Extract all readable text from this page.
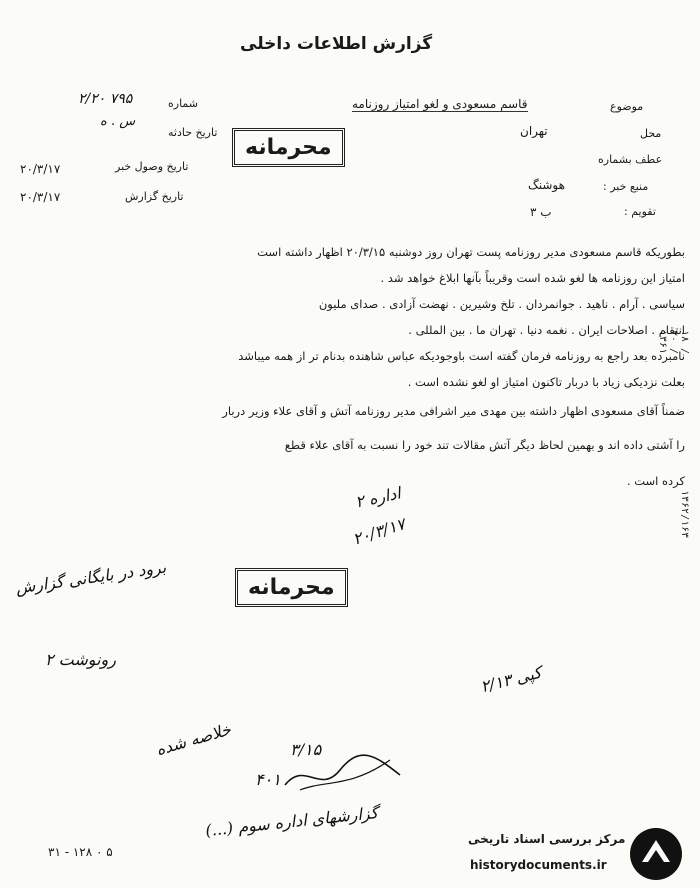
گزارش اطلاعات داخلی
شماره
۲/۲۰ ۷۹۵
س . ه
تاریخ حادثه
تاریخ وصول خبر
۲۰/۳/۱۷
تاریخ گزارش
۲۰/۳/۱۷
محرمانه
موضوع
قاسم مسعودی و لغو امتیاز روزنامه
محل
تهران
عطف بشماره
منبع خبر :
هوشنگ
تقویم :
ب ۳
بطوریکه قاسم مسعودی مدیر روزنامه پست تهران روز دوشنبه ۲۰/۳/۱۵ اظهار داشته است
امتیاز این روزنامه ها لغو شده است وقریباً بآنها ابلاغ خواهد شد .
سیاسی . آرام . ناهید . جوانمردان . تلخ وشیرین . نهضت آزادی . صدای ملیون
انتقام . اصلاحات ایران . نغمه دنیا . تهران ما . بین المللی .
نامبرده بعد راجع به روزنامه فرمان گفته است باوجودیکه عباس شاهنده بدنام تر از همه میباشد
بعلت نزدیکی زیاد با دربار تاکنون امتیاز او لغو نشده است .
ضمناً آقای مسعودی اظهار داشته بین مهدی میر اشرافی مدیر روزنامه آتش و آقای علاء وزیر دربار
را آشتی داده اند و بهمین لحاظ دیگر آتش مقالات تند خود را نسبت به آقای علاء قطع
کرده است .
۱۸ / ۳۰ / ۱۳۶۱
۱۳۶۲/۱۶۳
اداره ۲
۲۰/۳/۱۷
محرمانه
برود در بایگانی گزارش
رونوشت ۲
کپی ۲/۱۳
خلاصه شده	۳/۱۵
۴۰۱
گزارشهای اداره سوم (...)
۳۱ - ۱۲۸ ۰ ۵
مرکز بررسی اسناد تاریخی
historydocuments.ir
